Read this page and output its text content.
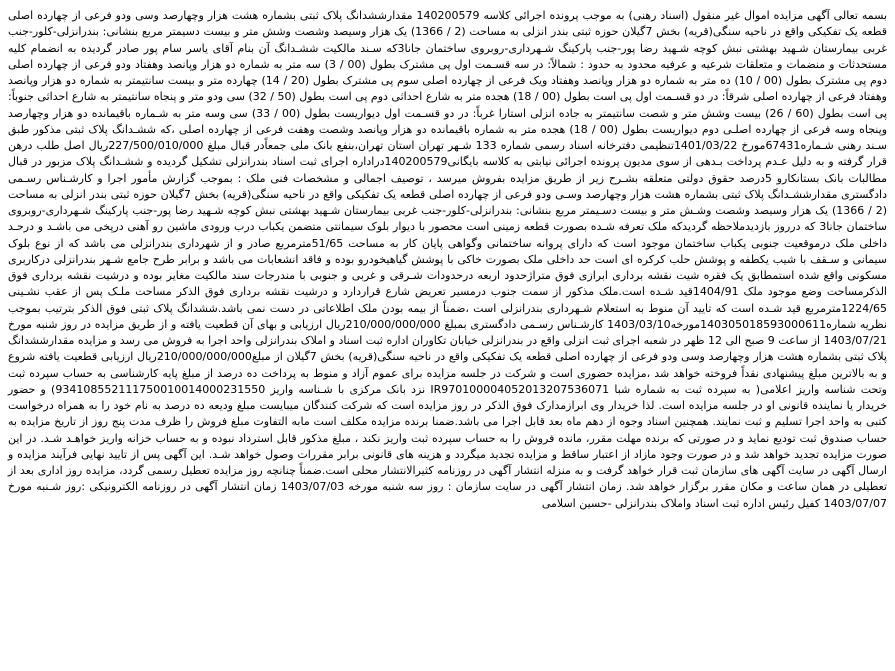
بسمه تعالی آگهی مزایده اموال غیر منقول (اسناد رهنی) به موجب پرونده اجرائی کلاسه 140200579 مقدارششدانگ پلاک ثبتی بشماره هشت هزار وچهارصد وسی ودو فرعی از چهارده اصلی قطعه یک تفکیکی واقع در ناحیه سنگی(قریه) بخش 7گیلان حوزه ثبتی بندر انزلی به مساحت (2 / 1366) یک هزار وسیصد وشصت وشش متر و بیست دسیمتر مربع بنشانی: بندرانزلی-کلور-جنب غربی بیمارستان شـهید بهشتی نبش کوچه شـهید رضا پور-جنب پارکینگ شـهرداری-روبروی ساختمان جانا3که سـند مالکیت ششـدانگ آن بنام آقای یاسر سام پور صادر گردیده به انضمام کلیه مستحدثات و منضمات و متعلقات شرعیه و عرفیه محدود به حدود : شمالاً: در سه قسـمت اول پی مشترک بطول (00 / 3) سه متر به شماره دو هزار وپانصد وهفتاد ودو فرعی از چهارده اصلی دوم پی مشترک بطول (00 / 10) ده متر به شماره دو هزار وپانصد وهفتاد ویک فرعی از چهارده اصلی سوم پی مشترک بطول (20 / 14) چهارده متر و بیست سانتیمتر به شماره دو هزار وپانصد وهفتاد فرعی از چهارده اصلی شرقاً: در دو قسـمت اول پی است بطول (00 / 18) هجده متر به شارع احداثی دوم پی است بطول (50 / 32) سی ودو متر و پنجاه سانتیمتر به شارع احداثی جنوباً: پی است بطول (60 / 26) بیست وشش متر و شصت سانتیمتر به جاده انزلی استارا غرباً: در دو قسـمت اول دیواریست بطول (00 / 33) سی وسه متر به شـماره باقیمانده دو هزار وچهارصد وپنجاه وسه فرعی از چهارده اصلـی دوم دیواریست بطول (00 / 18) هجده متر به شماره باقیمانده دو هزار وپانصد وشصت وهفت فرعی از چهارده اصلی ،که ششـدانگ پلاک ثبتی مذکور طبق سـند رهنی شـماره67431مورخ 1401/03/22تنظیمی دفترخانه اسناد رسمی شماره 133 شـهر تهران استان تهران،بنفع بانک ملی جمعاًدر قبال مبلغ 227/500/010/000ریال اصل طلب درهن قرار گرفته و به دلیل عـدم پرداخت بـدهی از سوی مدیون پرونده اجرائی نیابتی به کلاسه بایگانی140200579دراداره اجرای ثبت اسناد بندرانزلی تشکیل گردیده و ششـدانگ پلاک مزبور در قبال مطالبات بانک بستانکارو 5درصد حقوق دولتی متعلقه بشـرح زیر از طریق مزایده بفروش میرسد ، توصیف اجمالی و مشخصات فنی ملک : بموجب گزارش مأمور اجرا و کارشـناس رسـمی دادگستری مقدارششـدانگ پلاک ثبتی بشماره هشت هزار وچهارصد وسـی ودو فرعی از چهارده اصلی قطعه یک تفکیکی واقع در ناحیه سنگی(قریه) بخش 7گیلان حوزه ثبتی بندر انزلی به مساحت (2 / 1366) یک هزار وسیصد وشصت وشـش متر و بیست دسـیمتر مربع بنشانی: بندرانزلی-کلور-جنب غربی بیمارستان شـهید بهشتی نبش کوچه شـهید رضا پور-جنب پارکینگ شـهرداری-روبروی ساختمان جانا3 که درروز بازدیدملاحظه گردیدکه ملک تعرفه شـده بصورت قطعه زمینی است محصور با دیوار بلوک سیمانتی متضمن یکباب درب ورودی ماشین رو آهنی درپخی می باشـد و درحـد داخلی ملک درموقعیت جنوبی یکباب ساختمان موجود است که دارای پروانه ساختمانی وگواهی پایان کار به مساحت 51/65مترمربع صادر و از شهرداری بندرانزلی می باشد که از نوع بلوک سیمانی و سـقف با شیب یکطفه و پوشش حلب کرکره ای است حد داخلی ملک بصورت خاکی با پوشش گیاهیخودرو بوده و فاقد انشعابات می باشد و برابر طرح جامع شـهر بندرانزلی درکاربری مسکونی واقع شده استمطابق یک فقره شیت نقشه برداری ابرازی فوق متراژحدود اربعه درحدودات شـرقی و غربی و جنوبی با مندرجات سند مالکیت مغایر بوده و درشیت نقشه برداری فوق الذکرمساحت وضع موجود ملک 1404/91قید شـده است.ملک مذکور از سمت جنوب درمسیر تعریض شارع قراردارد و درشیت نقشه برداری فوق الذکر مساحت ملـک پس از عقب نشـینی 1224/65مترمربع قید شـده است که تایید آن منوط به استعلام شـهرداری بندرانزلی است ،ضمناً از بیمه بودن ملک اطلاعاتی در دست نمی باشد.ششدانگ پلاک ثبتی فوق الذکر بترتیب بموجب نظریه شماره140305018593000611مورخه1403/03/10 کارشـناس رسـمی دادگستری بمبلغ 210/000/000/000ریال ارزیابی و بهای آن قطعیت یافته و از طریق مزایده در روز شنبه مورخ 1403/07/21 از ساعت 9 صبح الی 12 ظهر در شعبه اجرای ثبت انزلی واقع در بندرانزلی خیابان تکاوران اداره ثبت اسناد و املاک بندرانزلی واحد اجرا به فروش می رسد و مزایده مقدارششدانگ پلاک ثبتی بشماره هشت هزار وچهارصد وسی ودو فرعی از چهارده اصلی قطعه یک تفکیکی واقع در ناحیه سنگی(قریه) بخش 7گیلان از مبلغ210/000/000/000ریال ارزیابی قطعیت یافته شروع و به بالاترین مبلغ پیشنهادی نقداً فروخته خواهد شد ،مزایده حضوری است و شرکت در جلسه مزایده برای عموم آزاد و منوط به پرداخت ده درصد از مبلغ پایه کارشناسی به حساب سپرده ثبت وتحت شناسه واریز اعلامی( به سپرده ثبت به شماره شبا IR970100004052013207536071 نزد بانک مرکزی با شـناسه واریز 934108552111750010014000231550) و حضور خریدار یا نماینده قانونی او در جلسه مزایده است. لذا خریدار وی ابرازمدارک فوق الذکر در روز مزایده است که شرکت کنندگان میبایست مبلغ ودیعه ده درصد به نام خود را به همراه درخواست کتبی به واحد اجرا تسلیم و ثبت نمایند. همچنین اسناد وجوه از دهم ماه بعد قابل اجرا می باشد.ضمنا برنده مزایده مکلف است مابه التفاوت مبلغ فروش را ظرف مدت پنج روز از تاریخ مزایده به حساب صندوق ثبت تودیع نماید و در صورتی که برنده مهلت مقرر، مانده فروش را به حساب سپرده ثبت واریز نکند ، مبلغ مذکور قابل استرداد نبوده و به حساب خزانه واریز خواهـد شـد. در این صورت مزایده تجدید خواهد شد و در صورت وجود مازاد از اعتبار ساقط و مزایده تجدید میگردد و هزینه های قانونی برابر مقررات وصول خواهد شـد. این آگهی پس از تایید نهایی فرآیند مزایده و ارسال آگهی در سایت آگهی های سازمان ثبت قرار خواهد گرفت و به منزله انتشار آگهی در روزنامه کثیرالانتشار محلی است.ضمناً چنانچه روز مزایده تعطیل رسمی گردد، مزایده روز اداری بعد از تعطیلی در همان ساعت و مکان مقرر برگزار خواهد شد. زمان انتشار آگهی در سایت سازمان : روز سه شنبه مورخه 1403/07/03 زمان انتشار آگهی در روزنامه الکترونیکی :روز شـنبه مورخ 1403/07/07 کفیل رئیس اداره ثبت اسناد واملاک بندرانزلی -حسین اسلامی
